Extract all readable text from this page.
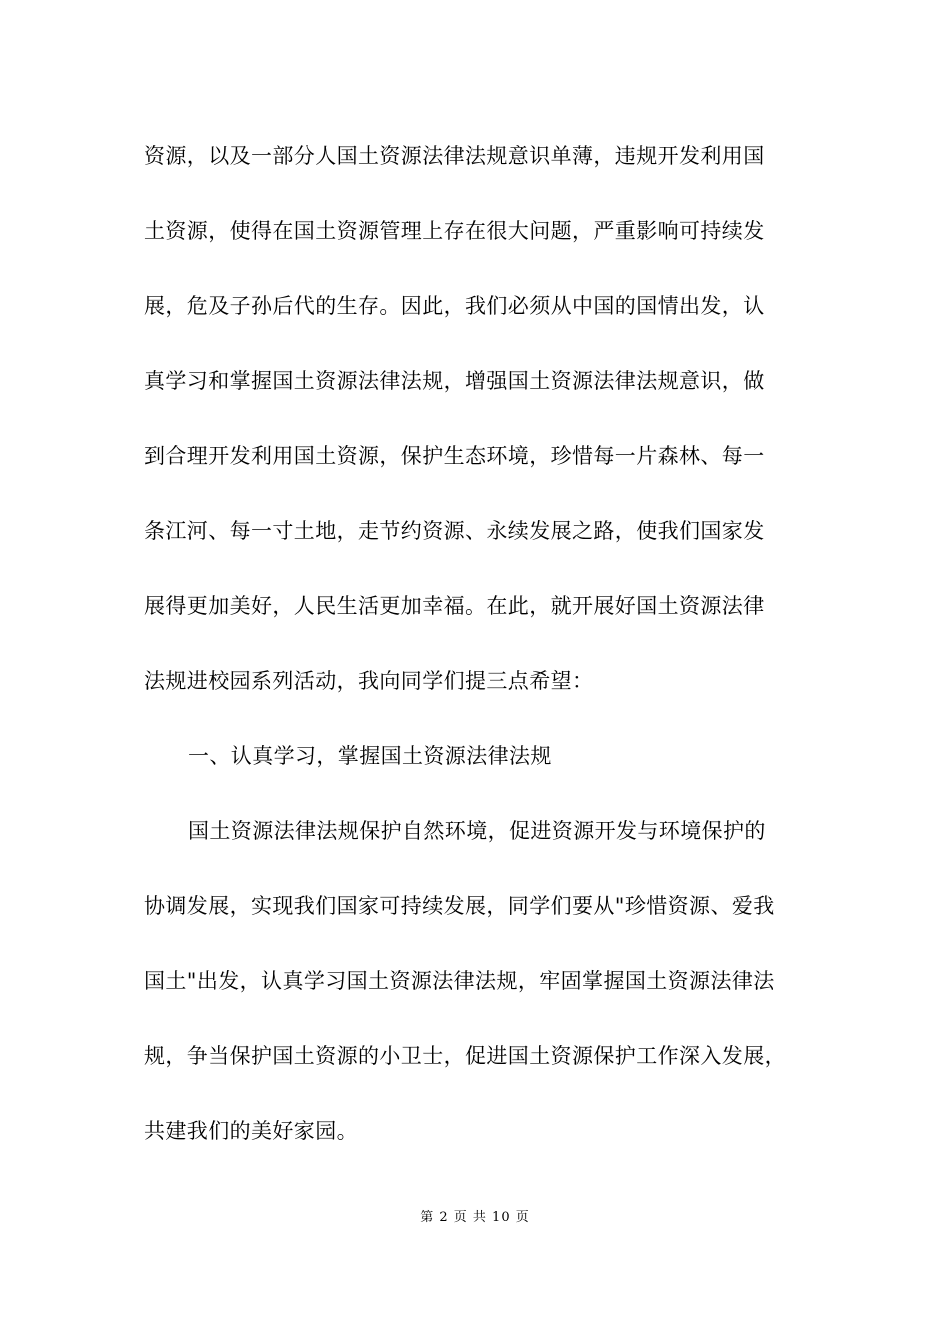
资源，以及一部分人国土资源法律法规意识单薄，违规开发利用国
土资源，使得在国土资源管理上存在很大问题，严重影响可持续发
展，危及子孙后代的生存。因此，我们必须从中国的国情出发，认
真学习和掌握国土资源法律法规，增强国土资源法律法规意识，做
到合理开发利用国土资源，保护生态环境，珍惜每一片森林、每一
条江河、每一寸土地，走节约资源、永续发展之路，使我们国家发
展得更加美好，人民生活更加幸福。在此，就开展好国土资源法律
法规进校园系列活动，我向同学们提三点希望：
一、认真学习，掌握国土资源法律法规
国土资源法律法规保护自然环境，促进资源开发与环境保护的
协调发展，实现我们国家可持续发展，同学们要从"珍惜资源、爱我
国土"出发，认真学习国土资源法律法规，牢固掌握国土资源法律法
规，争当保护国土资源的小卫士，促进国土资源保护工作深入发展，
共建我们的美好家园。
第 2 页 共 10 页
